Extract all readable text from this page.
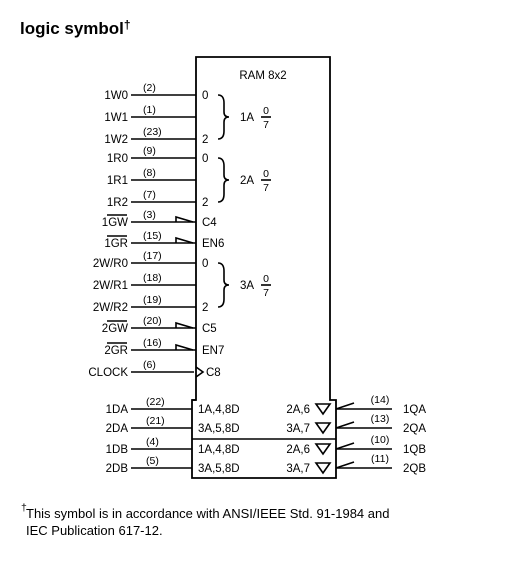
logic symbol†
RAM 8x2
1W0
(2)
0
1W1
(1)
1W2
(23)
2
1R0
(9)
0
1R1
(8)
1R2
(7)
2
1GW
(3)
C4
1GR
(15)
EN6
2W/R0
(17)
0
2W/R1
(18)
2W/R2
(19)
2
2GW
(20)
C5
2GR
(16)
EN7
CLOCK
(6)
C8
1A
0
7
2A
0
7
3A
0
7
1DA
(22)
1A,4,8D	2A,6
(14)
1QA
2DA
(21)
3A,5,8D	3A,7
(13)
2QA
1DB
(4)
1A,4,8D	2A,6
(10)
1QB
2DB
(5)
3A,5,8D	3A,7
(11)
2QB
This symbol is in accordance with ANSI/IEEE Std. 91-1984 and
†
IEC Publication 617-12.
